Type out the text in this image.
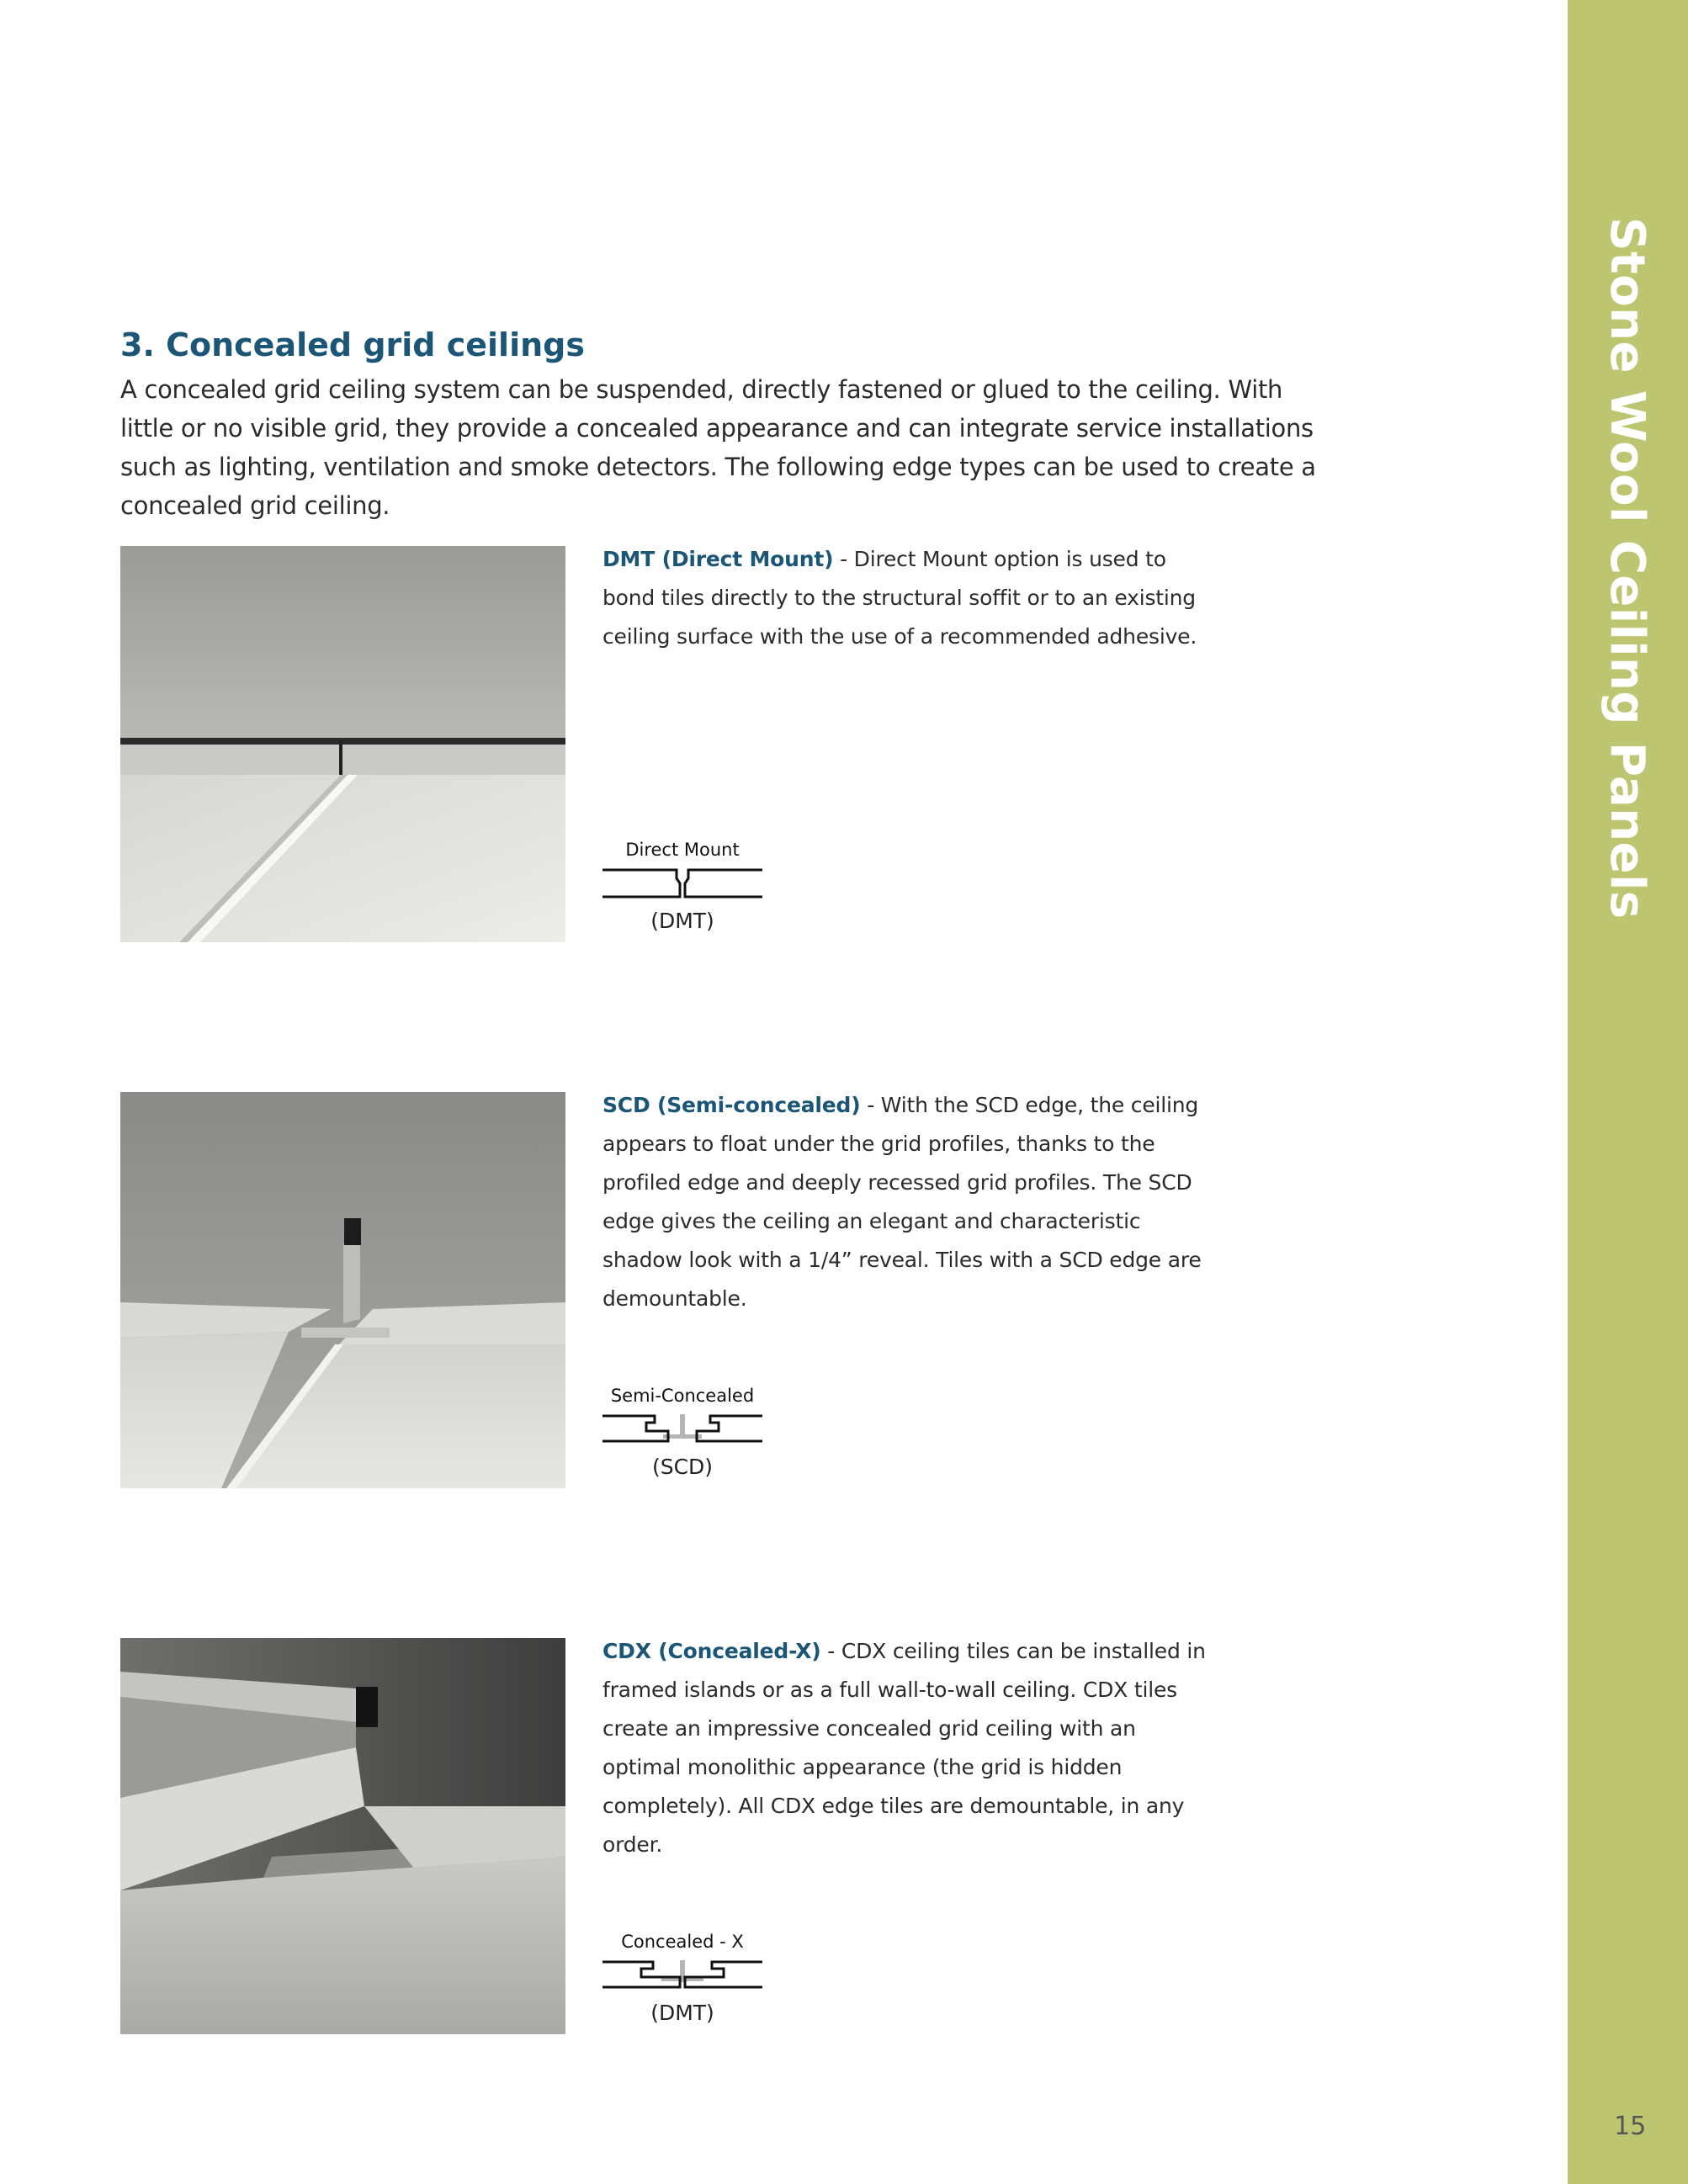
Stone Wool Ceiling Panels
15
3. Concealed grid ceilings

A concealed grid ceiling system can be suspended, directly fastened or glued to the ceiling. With little or no visible grid, they provide a concealed appearance and can integrate service installations such as lighting, ventilation and smoke detectors. The following edge types can be used to create a concealed grid ceiling.

DMT (Direct Mount) - Direct Mount option is used to bond tiles directly to the structural soffit or to an existing ceiling surface with the use of a recommended adhesive.
Direct Mount
(DMT)
SCD (Semi-concealed) - With the SCD edge, the ceiling appears to float under the grid profiles, thanks to the profiled edge and deeply recessed grid profiles. The SCD edge gives the ceiling an elegant and characteristic shadow look with a 1/4” reveal. Tiles with a SCD edge are demountable.
Semi-Concealed
(SCD)
CDX (Concealed-X) - CDX ceiling tiles can be installed in framed islands or as a full wall-to-wall ceiling. CDX tiles create an impressive concealed grid ceiling with an optimal monolithic appearance (the grid is hidden completely). All CDX edge tiles are demountable, in any order.
Concealed - X
(DMT)
